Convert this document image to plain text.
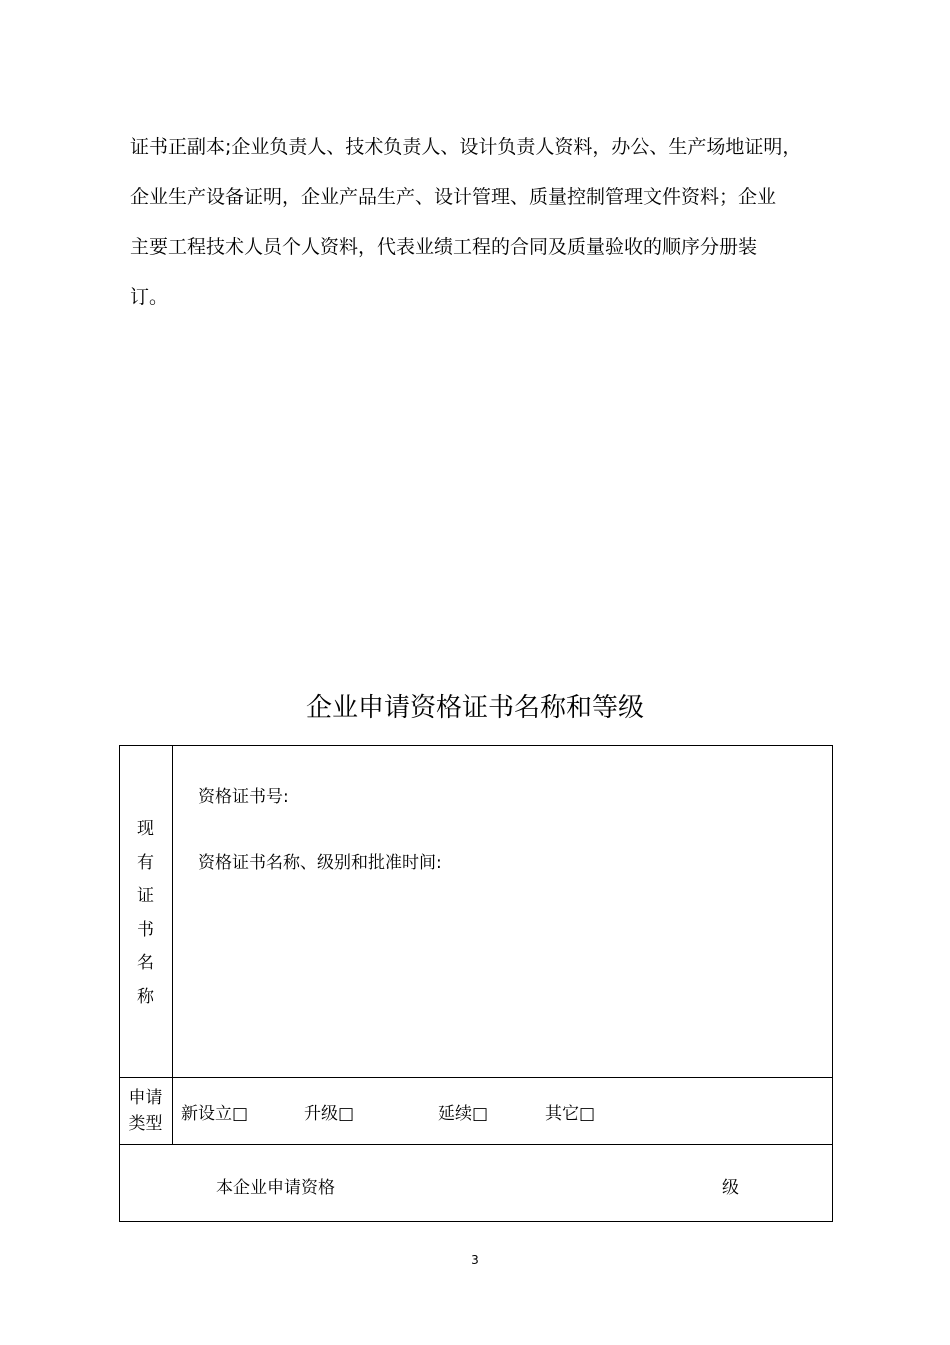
证书正副本;企业负责人、技术负责人、设计负责人资料，办公、生产场地证明，
企业生产设备证明，企业产品生产、设计管理、质量控制管理文件资料；企业
主要工程技术人员个人资料，代表业绩工程的合同及质量验收的顺序分册装
订。
企业申请资格证书名称和等级
现
有
证
书
名
称
资格证书号:
资格证书名称、级别和批准时间:
申请
类型	新设立□	升级□	延续□	其它□
本企业申请资格	级
3
